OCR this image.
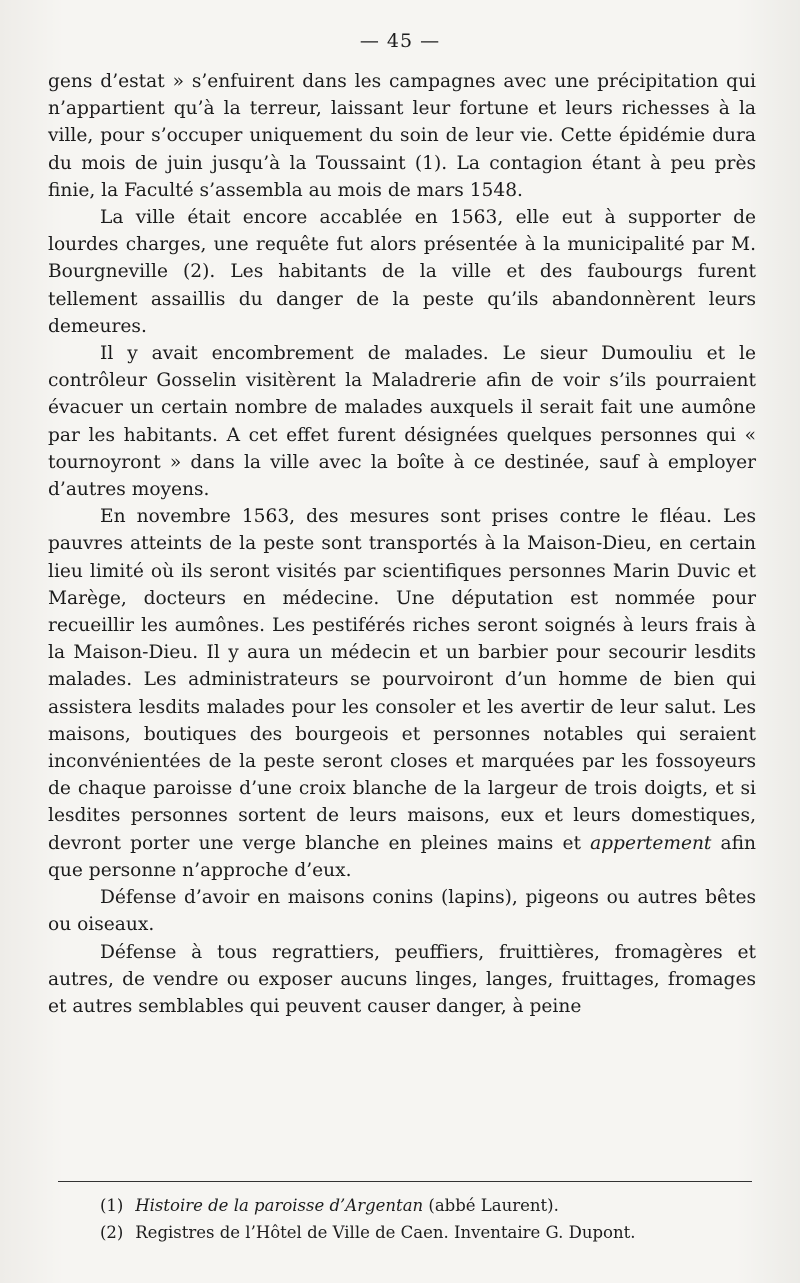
— 45 —

gens d’estat » s’enfuirent dans les campagnes avec une précipitation qui n’appartient qu’à la terreur, laissant leur fortune et leurs richesses à la ville, pour s’occuper uniquement du soin de leur vie. Cette épidémie dura du mois de juin jusqu’à la Toussaint (1). La contagion étant à peu près finie, la Faculté s’assembla au mois de mars 1548.

La ville était encore accablée en 1563, elle eut à supporter de lourdes charges, une requête fut alors présentée à la municipalité par M. Bourgneville (2). Les habitants de la ville et des faubourgs furent tellement assaillis du danger de la peste qu’ils abandonnèrent leurs demeures.

Il y avait encombrement de malades. Le sieur Dumouliu et le contrôleur Gosselin visitèrent la Maladrerie afin de voir s’ils pourraient évacuer un certain nombre de malades auxquels il serait fait une aumône par les habitants. A cet effet furent désignées quelques personnes qui « tournoyront » dans la ville avec la boîte à ce destinée, sauf à employer d’autres moyens.

En novembre 1563, des mesures sont prises contre le fléau. Les pauvres atteints de la peste sont transportés à la Maison-Dieu, en certain lieu limité où ils seront visités par scientifiques personnes Marin Duvic et Marège, docteurs en médecine. Une députation est nommée pour recueillir les aumônes. Les pestiférés riches seront soignés à leurs frais à la Maison-Dieu. Il y aura un médecin et un barbier pour secourir lesdits malades. Les administrateurs se pourvoiront d’un homme de bien qui assistera lesdits malades pour les consoler et les avertir de leur salut. Les maisons, boutiques des bourgeois et personnes notables qui seraient inconvénientées de la peste seront closes et marquées par les fossoyeurs de chaque paroisse d’une croix blanche de la largeur de trois doigts, et si lesdites personnes sortent de leurs maisons, eux et leurs domestiques, devront porter une verge blanche en pleines mains et appertement afin que personne n’approche d’eux.

Défense d’avoir en maisons conins (lapins), pigeons ou autres bêtes ou oiseaux.

Défense à tous regrattiers, peuffiers, fruittières, fromagères et autres, de vendre ou exposer aucuns linges, langes, fruittages, fromages et autres semblables qui peuvent causer danger, à peine

(1) Histoire de la paroisse d’Argentan (abbé Laurent).

(2) Registres de l’Hôtel de Ville de Caen. Inventaire G. Dupont.
